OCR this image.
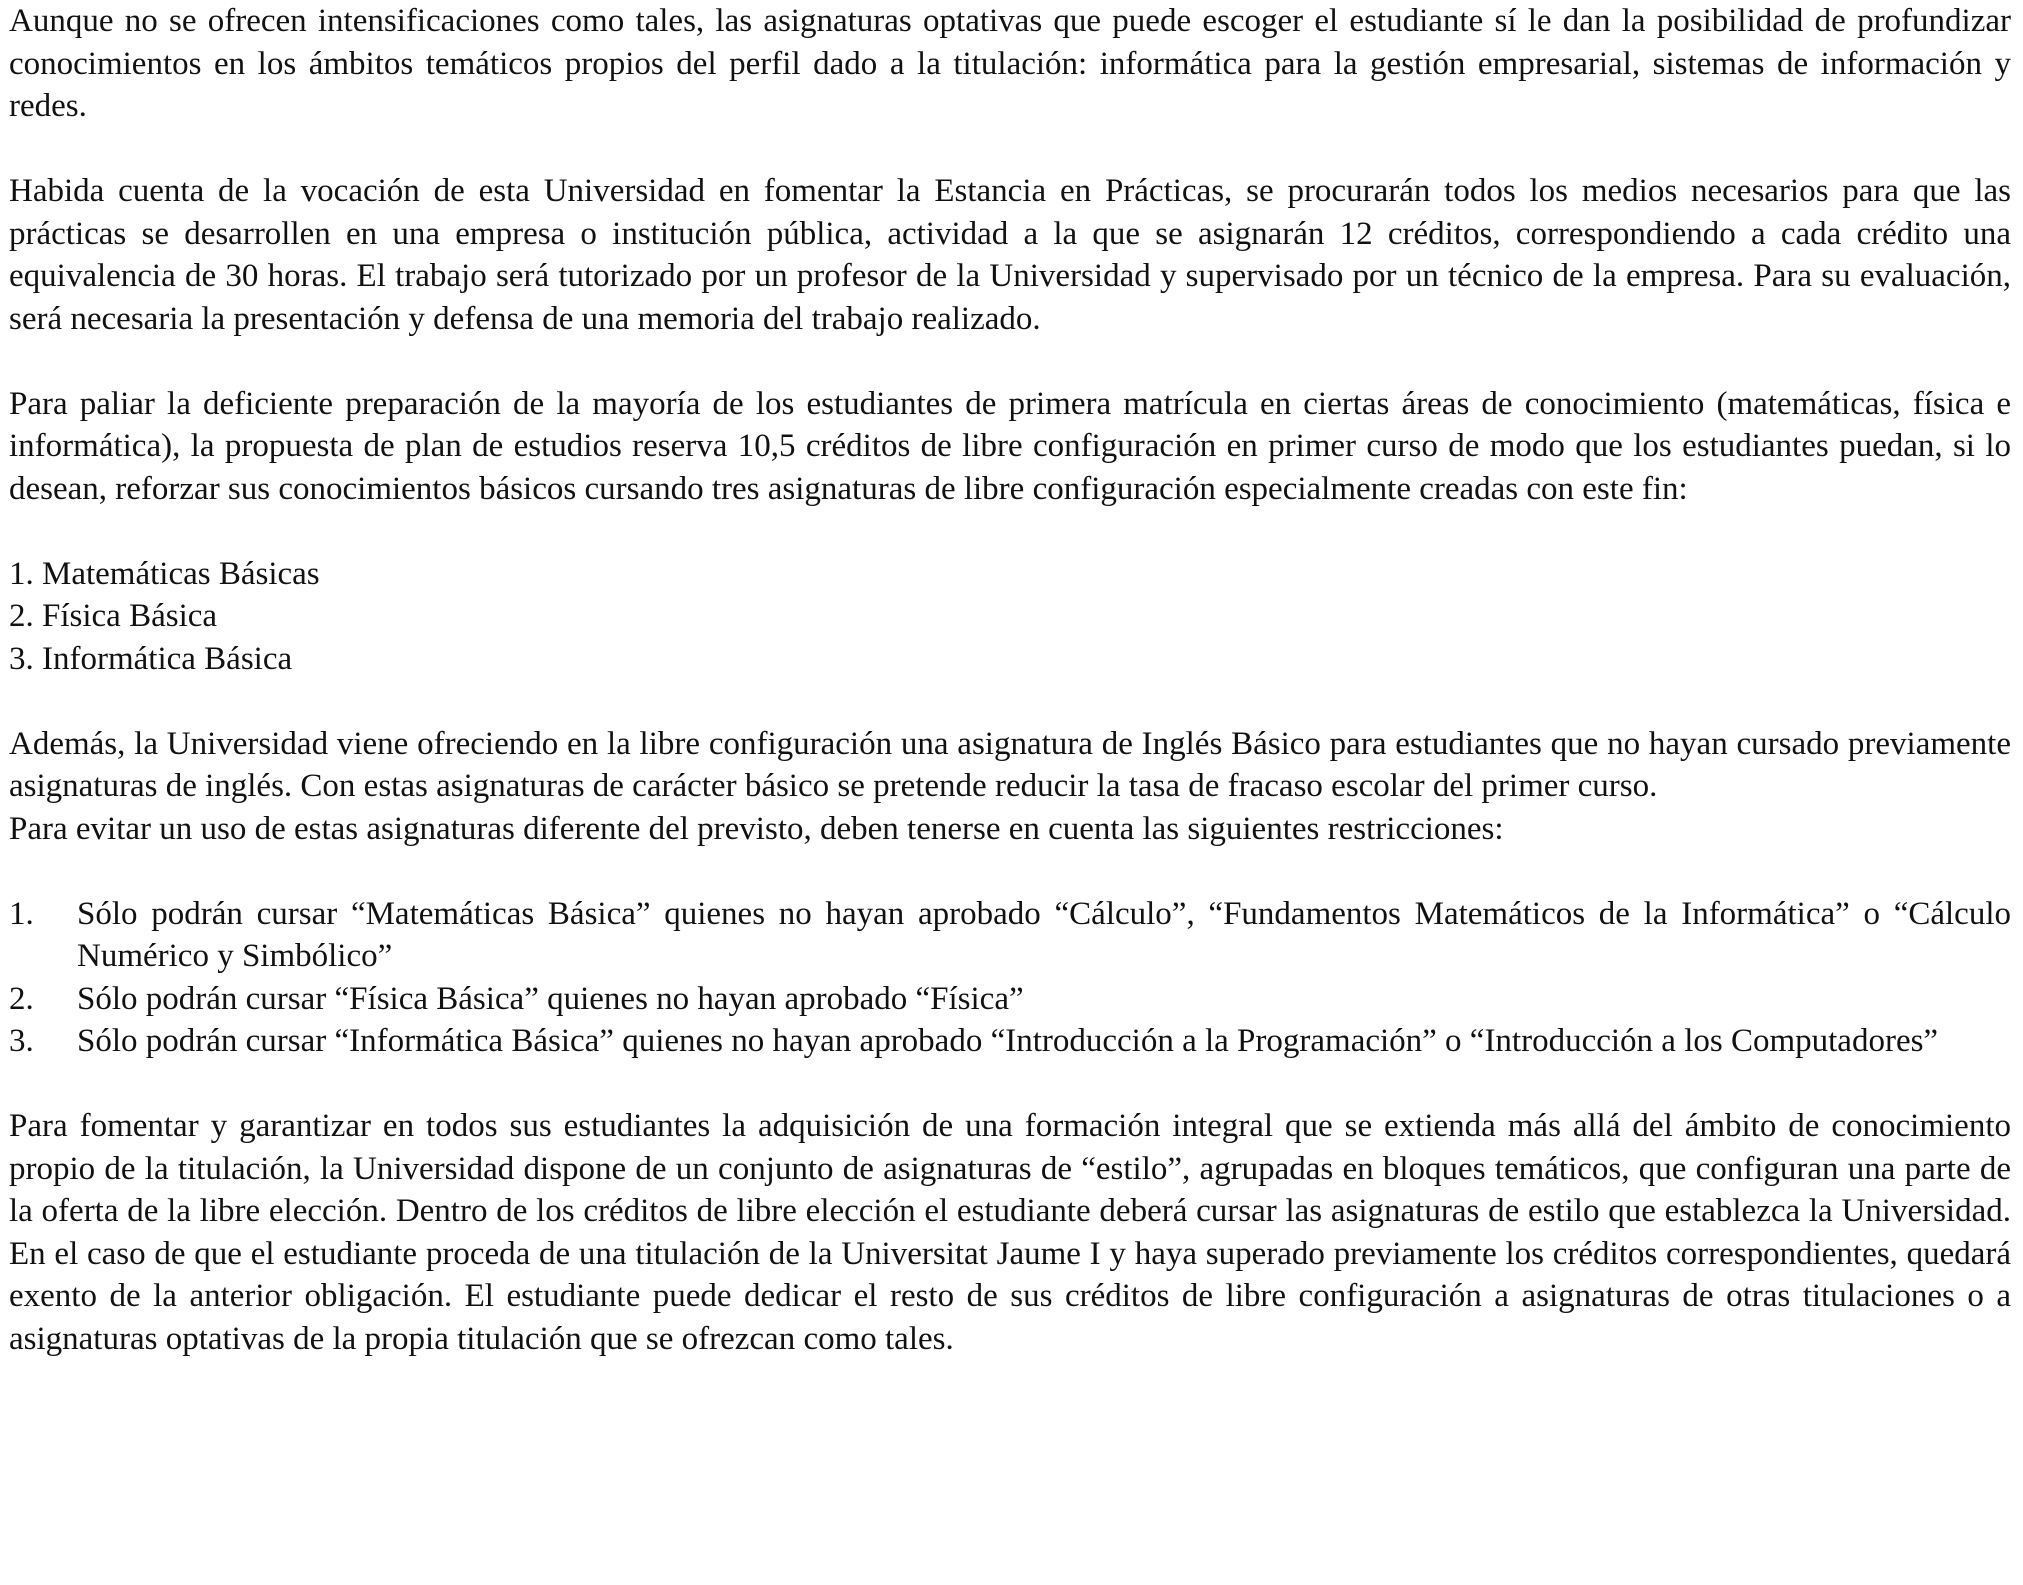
Aunque no se ofrecen intensificaciones como tales, las asignaturas optativas que puede escoger el estudiante sí le dan la posibilidad de profundizar conocimientos en los ámbitos temáticos propios del perfil dado a la titulación: informática para la gestión empresarial, sistemas de información y redes.

Habida cuenta de la vocación de esta Universidad en fomentar la Estancia en Prácticas, se procurarán todos los medios necesarios para que las prácticas se desarrollen en una empresa o institución pública, actividad a la que se asignarán 12 créditos, correspondiendo a cada crédito una equivalencia de 30 horas. El trabajo será tutorizado por un profesor de la Universidad y supervisado por un técnico de la empresa. Para su evaluación, será necesaria la presentación y defensa de una memoria del trabajo realizado.

Para paliar la deficiente preparación de la mayoría de los estudiantes de primera matrícula en ciertas áreas de conocimiento (matemáticas, física e informática), la propuesta de plan de estudios reserva 10,5 créditos de libre configuración en primer curso de modo que los estudiantes puedan, si lo desean, reforzar sus conocimientos básicos cursando tres asignaturas de libre configuración especialmente creadas con este fin:

1. Matemáticas Básicas
2. Física Básica
3. Informática Básica

Además, la Universidad viene ofreciendo en la libre configuración una asignatura de Inglés Básico para estudiantes que no hayan cursado previamente asignaturas de inglés. Con estas asignaturas de carácter básico se pretende reducir la tasa de fracaso escolar del primer curso.

Para evitar un uso de estas asignaturas diferente del previsto, deben tenerse en cuenta las siguientes restricciones:

1. Sólo podrán cursar “Matemáticas Básica” quienes no hayan aprobado “Cálculo”, “Fundamentos Matemáticos de la Informática” o “Cálculo Numérico y Simbólico”
2. Sólo podrán cursar “Física Básica” quienes no hayan aprobado “Física”
3. Sólo podrán cursar “Informática Básica” quienes no hayan aprobado “Introducción a la Programación” o “Introducción a los Computadores”

Para fomentar y garantizar en todos sus estudiantes la adquisición de una formación integral que se extienda más allá del ámbito de conocimiento propio de la titulación, la Universidad dispone de un conjunto de asignaturas de “estilo”, agrupadas en bloques temáticos, que configuran una parte de la oferta de la libre elección. Dentro de los créditos de libre elección el estudiante deberá cursar las asignaturas de estilo que establezca la Universidad. En el caso de que el estudiante proceda de una titulación de la Universitat Jaume I y haya superado previamente los créditos correspondientes, quedará exento de la anterior obligación. El estudiante puede dedicar el resto de sus créditos de libre configuración a asignaturas de otras titulaciones o a asignaturas optativas de la propia titulación que se ofrezcan como tales.
